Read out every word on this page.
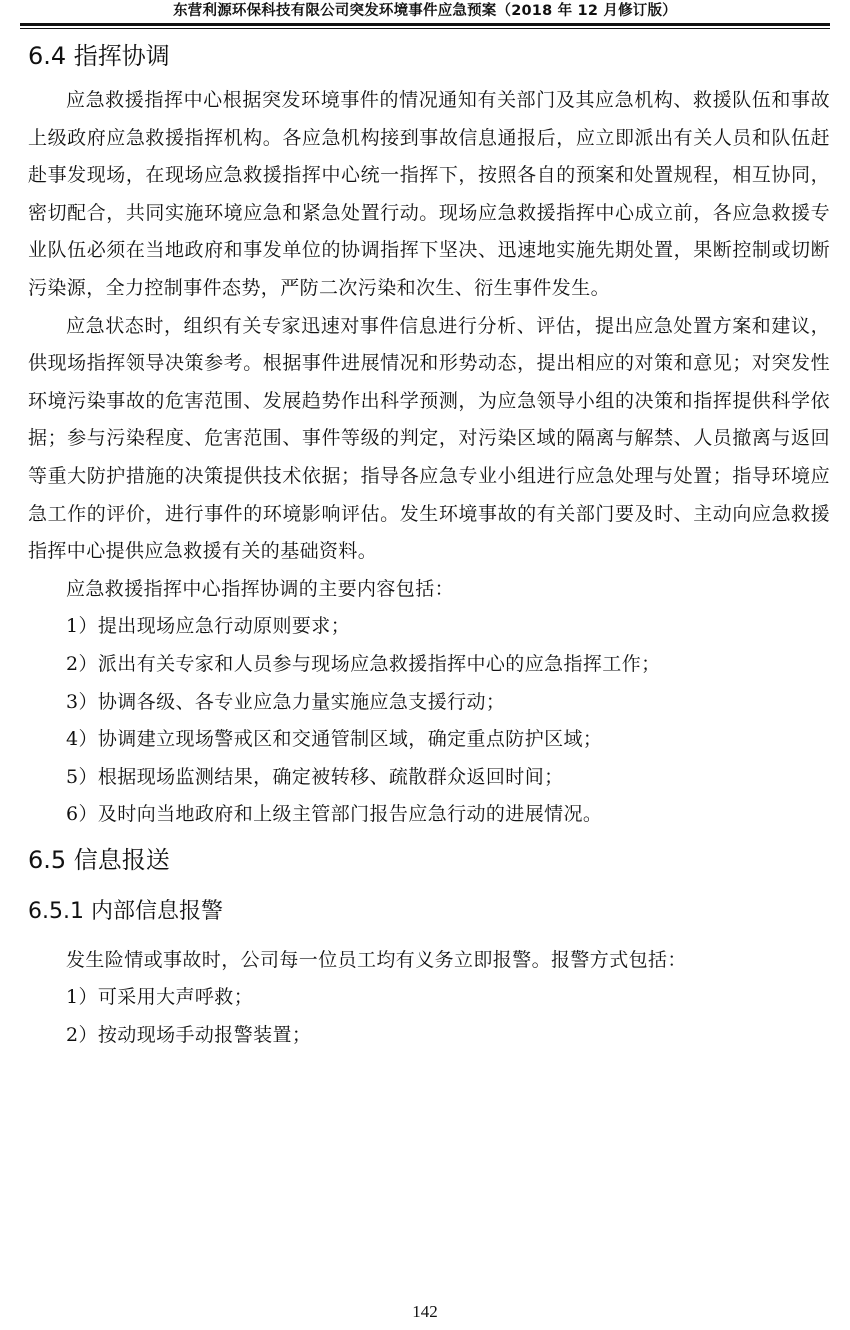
东营利源环保科技有限公司突发环境事件应急预案（2018 年 12 月修订版）
6.4 指挥协调

应急救援指挥中心根据突发环境事件的情况通知有关部门及其应急机构、救援队伍和事故上级政府应急救援指挥机构。各应急机构接到事故信息通报后，应立即派出有关人员和队伍赶赴事发现场，在现场应急救援指挥中心统一指挥下，按照各自的预案和处置规程，相互协同，密切配合，共同实施环境应急和紧急处置行动。现场应急救援指挥中心成立前，各应急救援专业队伍必须在当地政府和事发单位的协调指挥下坚决、迅速地实施先期处置，果断控制或切断污染源，全力控制事件态势，严防二次污染和次生、衍生事件发生。

应急状态时，组织有关专家迅速对事件信息进行分析、评估，提出应急处置方案和建议，供现场指挥领导决策参考。根据事件进展情况和形势动态，提出相应的对策和意见；对突发性环境污染事故的危害范围、发展趋势作出科学预测，为应急领导小组的决策和指挥提供科学依据；参与污染程度、危害范围、事件等级的判定，对污染区域的隔离与解禁、人员撤离与返回等重大防护措施的决策提供技术依据；指导各应急专业小组进行应急处理与处置；指导环境应急工作的评价，进行事件的环境影响评估。发生环境事故的有关部门要及时、主动向应急救援指挥中心提供应急救援有关的基础资料。

应急救援指挥中心指挥协调的主要内容包括：

1）提出现场应急行动原则要求；
2）派出有关专家和人员参与现场应急救援指挥中心的应急指挥工作；
3）协调各级、各专业应急力量实施应急支援行动；
4）协调建立现场警戒区和交通管制区域，确定重点防护区域；
5）根据现场监测结果，确定被转移、疏散群众返回时间；
6）及时向当地政府和上级主管部门报告应急行动的进展情况。
6.5 信息报送
6.5.1 内部信息报警

发生险情或事故时，公司每一位员工均有义务立即报警。报警方式包括：

1）可采用大声呼救；
2）按动现场手动报警装置；
142
